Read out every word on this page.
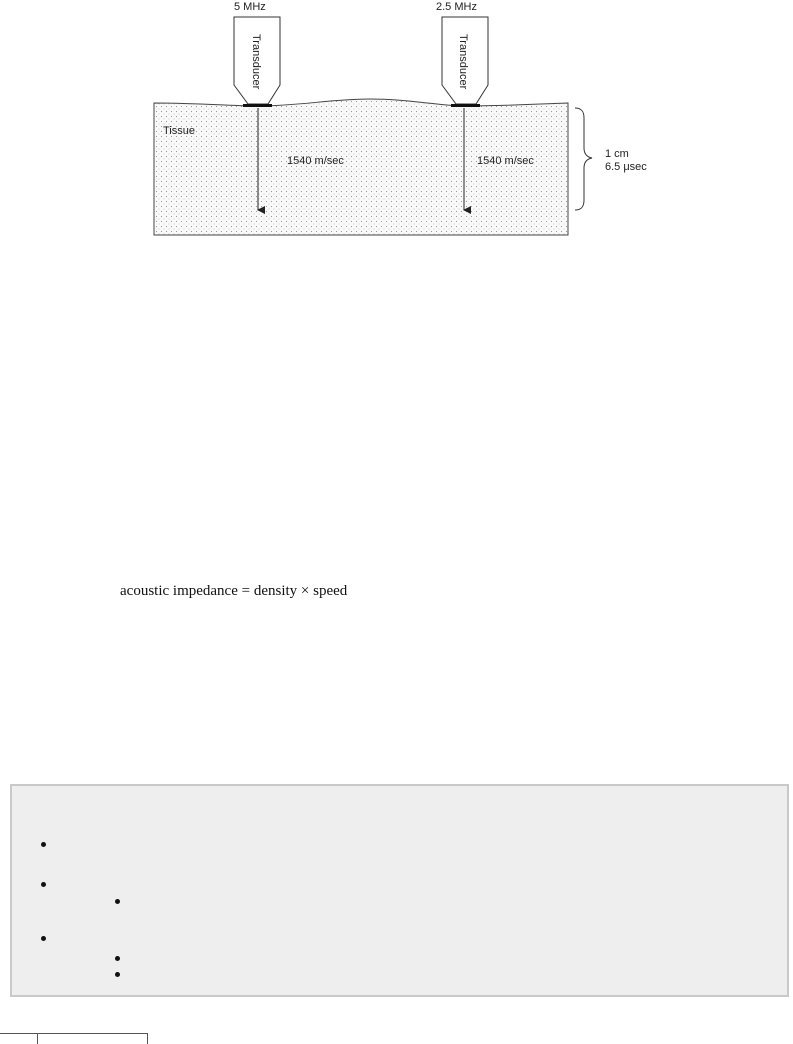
Tissue
5 MHz
Transducer
1540 m/sec
2.5 MHz
Transducer
1540 m/sec
1 cm
6.5 μsec
acoustic impedance = density × speed
